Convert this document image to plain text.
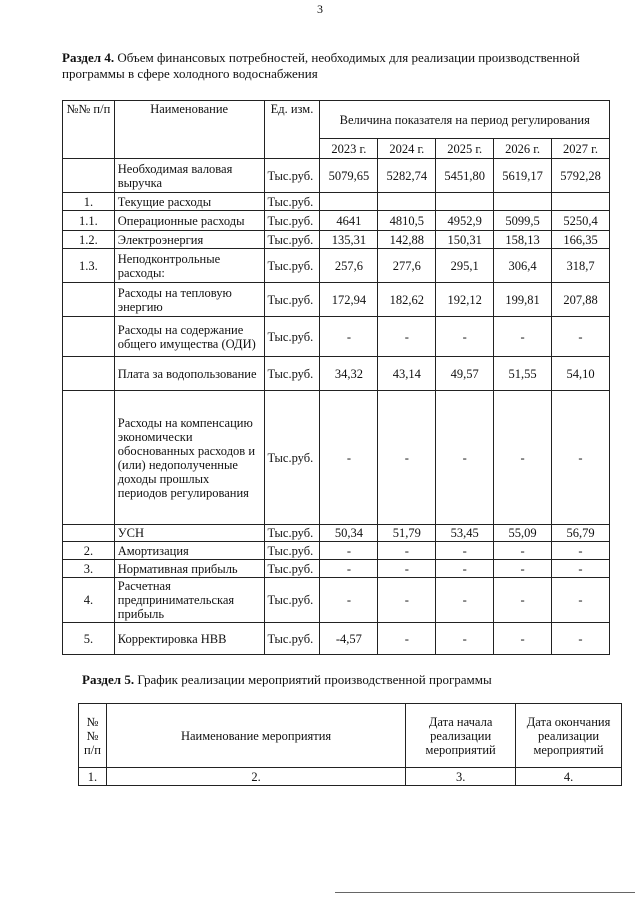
3
Раздел 4. Объем финансовых потребностей, необходимых для реализации производственной программы в сфере холодного водоснабжения
№№ п/п	Наименование	Ед. изм.	Величина показателя на период регулирования				
			2023 г.	2024 г.	2025 г.	2026 г.	2027 г.
	Необходимая валовая выручка	Тыс.руб.	5079,65	5282,74	5451,80	5619,17	5792,28
1.	Текущие расходы	Тыс.руб.					
1.1.	Операционные расходы	Тыс.руб.	4641	4810,5	4952,9	5099,5	5250,4
1.2.	Электроэнергия	Тыс.руб.	135,31	142,88	150,31	158,13	166,35
1.3.	Неподконтрольные расходы:	Тыс.руб.	257,6	277,6	295,1	306,4	318,7
	Расходы на тепловую энергию	Тыс.руб.	172,94	182,62	192,12	199,81	207,88
	Расходы на содержание общего имущества (ОДИ)	Тыс.руб.	-	-	-	-	-
	Плата за водопользование	Тыс.руб.	34,32	43,14	49,57	51,55	54,10
	Расходы на компенсацию экономически обоснованных расходов и (или) недополученные доходы прошлых периодов регулирования	Тыс.руб.	-	-	-	-	-
	УСН	Тыс.руб.	50,34	51,79	53,45	55,09	56,79
2.	Амортизация	Тыс.руб.	-	-	-	-	-
3.	Нормативная прибыль	Тыс.руб.	-	-	-	-	-
4.	Расчетная предпринимательская прибыль	Тыс.руб.	-	-	-	-	-
5.	Корректировка НВВ	Тыс.руб.	-4,57	-	-	-	-
Раздел 5. График реализации мероприятий производственной программы
№№ п/п	Наименование мероприятия	Дата начала реализации мероприятий	Дата окончания реализации мероприятий
1.	2.	3.	4.
